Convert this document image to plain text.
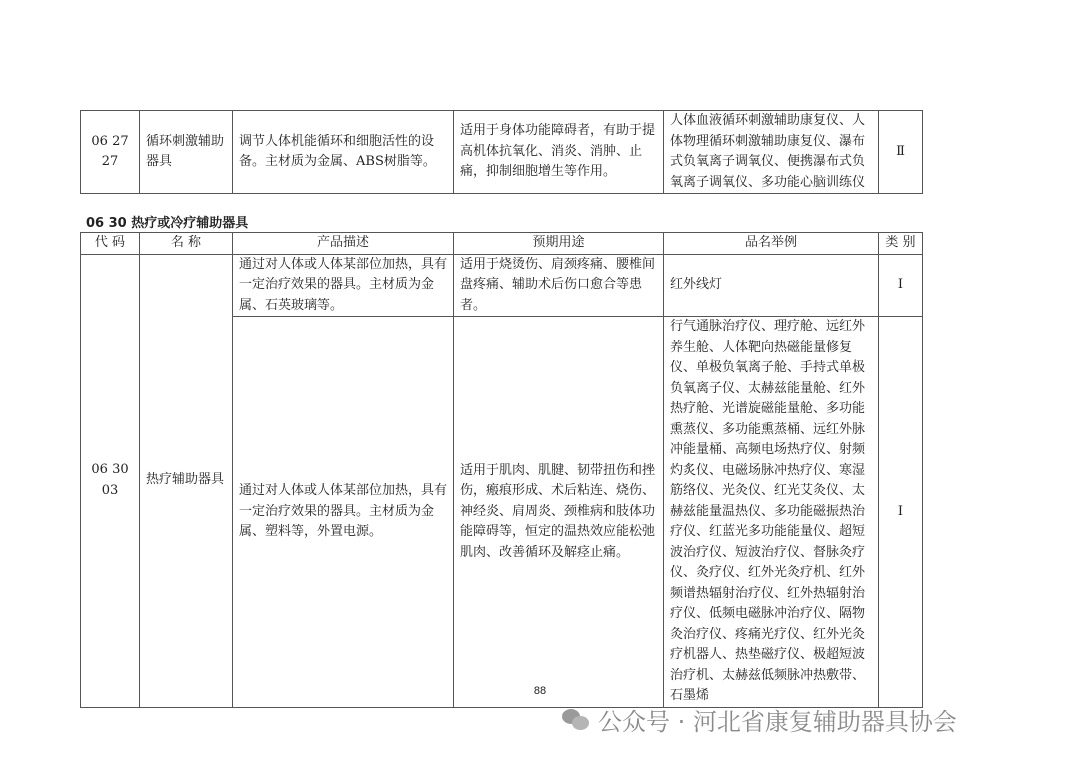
06 27 27	循环刺激辅助器具	调节人体机能循环和细胞活性的设备。主材质为金属、ABS树脂等。	适用于身体功能障碍者，有助于提高机体抗氧化、消炎、消肿、止痛，抑制细胞增生等作用。	人体血液循环刺激辅助康复仪、人体物理循环刺激辅助康复仪、瀑布式负氧离子调氧仪、便携瀑布式负氧离子调氧仪、多功能心脑训练仪	Ⅱ
06 30 热疗或冷疗辅助器具
代 码	名 称	产品描述	预期用途	品名举例	类 别
06 30 03	热疗辅助器具	通过对人体或人体某部位加热，具有一定治疗效果的器具。主材质为金属、石英玻璃等。	适用于烧烫伤、肩颈疼痛、腰椎间盘疼痛、辅助术后伤口愈合等患者。	红外线灯	Ⅰ
		通过对人体或人体某部位加热，具有一定治疗效果的器具。主材质为金属、塑料等，外置电源。	适用于肌肉、肌腱、韧带扭伤和挫伤，瘢痕形成、术后粘连、烧伤、神经炎、肩周炎、颈椎病和肢体功能障碍等，恒定的温热效应能松弛肌肉、改善循环及解痉止痛。	行气通脉治疗仪、理疗舱、远红外养生舱、人体靶向热磁能量修复仪、单极负氧离子舱、手持式单极负氧离子仪、太赫兹能量舱、红外热疗舱、光谱旋磁能量舱、多功能熏蒸仪、多功能熏蒸桶、远红外脉冲能量桶、高频电场热疗仪、射频灼炙仪、电磁场脉冲热疗仪、寒湿筋络仪、光灸仪、红光艾灸仪、太赫兹能量温热仪、多功能磁振热治疗仪、红蓝光多功能能量仪、超短波治疗仪、短波治疗仪、督脉灸疗仪、灸疗仪、红外光灸疗机、红外频谱热辐射治疗仪、红外热辐射治疗仪、低频电磁脉冲治疗仪、隔物灸治疗仪、疼痛光疗仪、红外光灸疗机器人、热垫磁疗仪、极超短波治疗机、太赫兹低频脉冲热敷带、石墨烯	Ⅰ
88
公众号 · 河北省康复辅助器具协会
